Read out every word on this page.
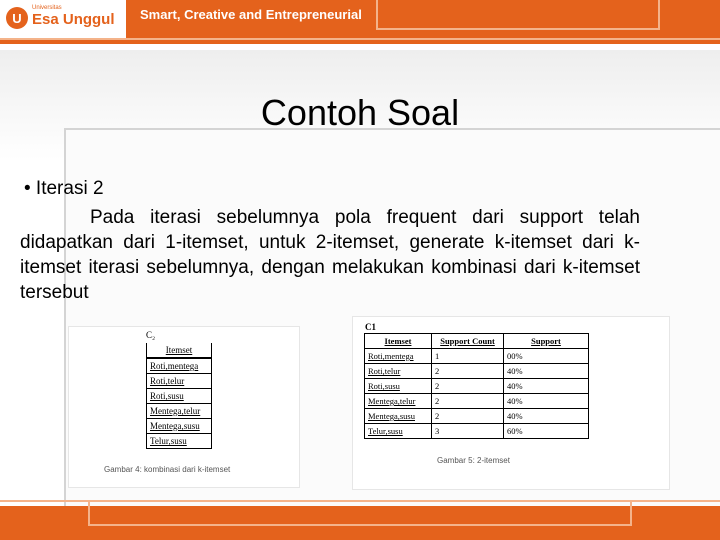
U
Universitas
Esa Unggul Smart, Creative and Entrepreneurial
Contoh Soal
• Iterasi 2
Pada iterasi sebelumnya pola frequent dari support telah didapatkan dari 1-itemset, untuk 2-itemset, generate k-itemset dari k-itemset iterasi sebelumnya, dengan melakukan kombinasi dari k-itemset tersebut
C₂
Itemset
Roti,mentega
Roti,telur
Roti,susu
Mentega,telur
Mentega,susu
Telur,susu
Gambar 4: kombinasi dari k-itemset
C1
Itemset	Support Count	Support
Roti,mentega	1	00%
Roti,telur	2	40%
Roti,susu	2	40%
Mentega,telur	2	40%
Mentega,susu	2	40%
Telur,susu	3	60%
Gambar 5: 2-itemset
